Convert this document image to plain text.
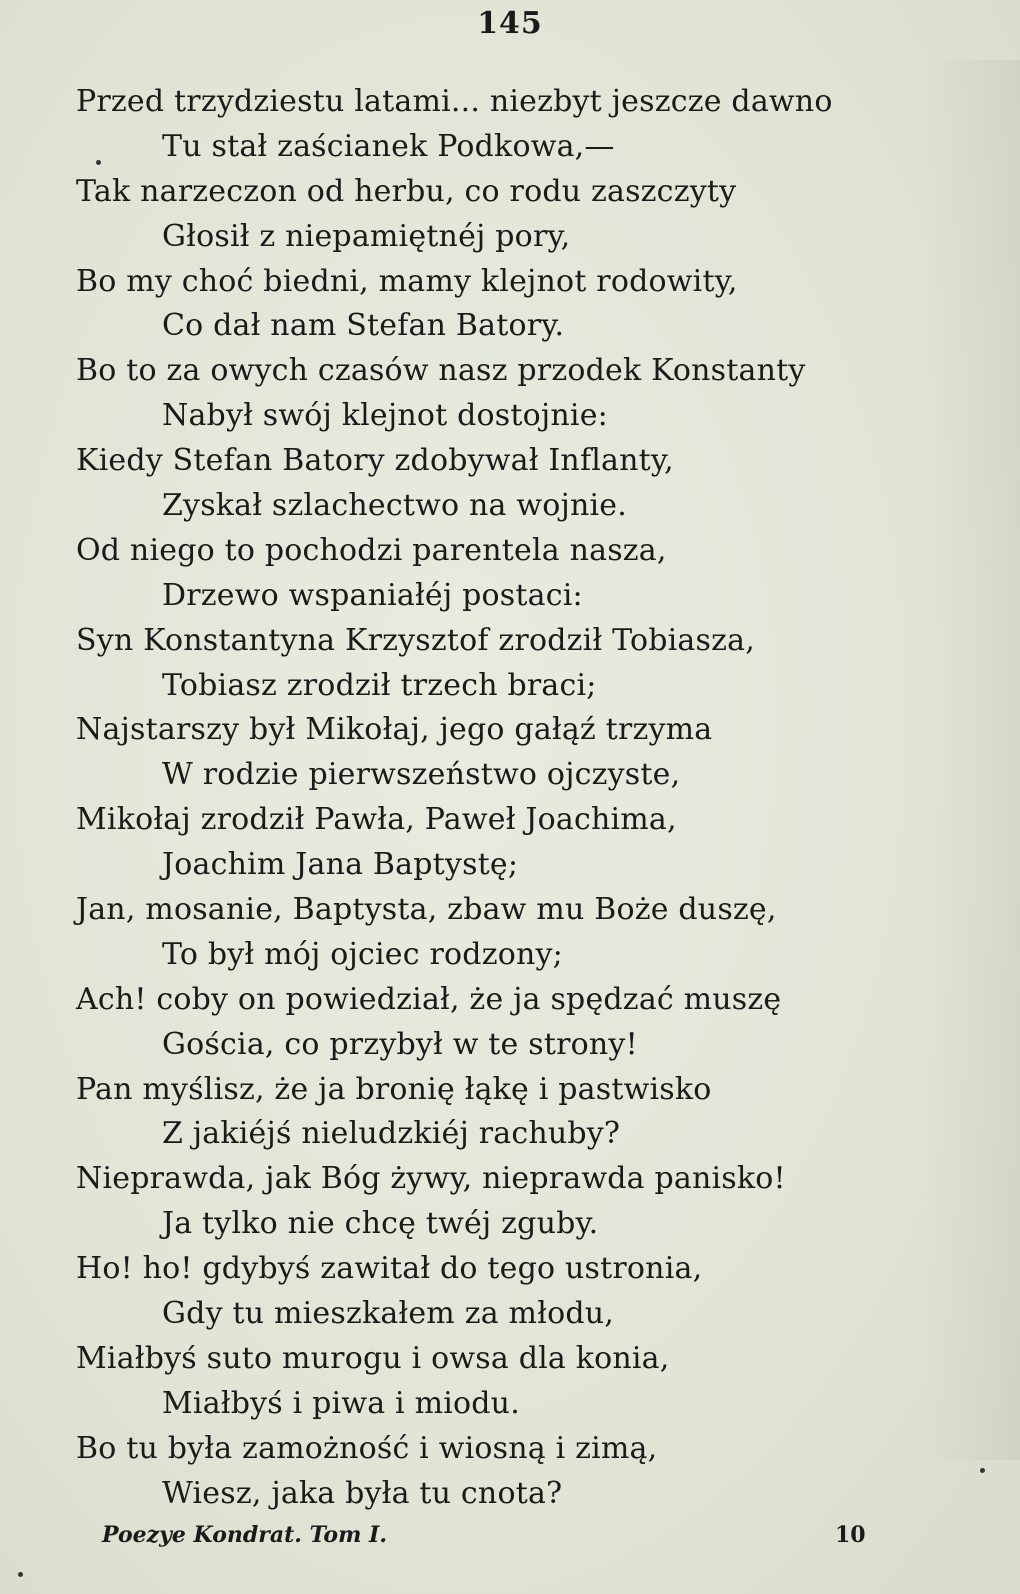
145
Przed trzydziestu latami... niezbyt jeszcze dawno
Tu stał zaścianek Podkowa,—
Tak narzeczon od herbu, co rodu zaszczyty
Głosił z niepamiętnéj pory,
Bo my choć biedni, mamy klejnot rodowity,
Co dał nam Stefan Batory.
Bo to za owych czasów nasz przodek Konstanty
Nabył swój klejnot dostojnie:
Kiedy Stefan Batory zdobywał Inflanty,
Zyskał szlachectwo na wojnie.
Od niego to pochodzi parentela nasza,
Drzewo wspaniałéj postaci:
Syn Konstantyna Krzysztof zrodził Tobiasza,
Tobiasz zrodził trzech braci;
Najstarszy był Mikołaj, jego gałąź trzyma
W rodzie pierwszeństwo ojczyste,
Mikołaj zrodził Pawła, Paweł Joachima,
Joachim Jana Baptystę;
Jan, mosanie, Baptysta, zbaw mu Boże duszę,
To był mój ojciec rodzony;
Ach! coby on powiedział, że ja spędzać muszę
Gościa, co przybył w te strony!
Pan myślisz, że ja bronię łąkę i pastwisko
Z jakiéjś nieludzkiéj rachuby?
Nieprawda, jak Bóg żywy, nieprawda panisko!
Ja tylko nie chcę twéj zguby.
Ho! ho! gdybyś zawitał do tego ustronia,
Gdy tu mieszkałem za młodu,
Miałbyś suto murogu i owsa dla konia,
Miałbyś i piwa i miodu.
Bo tu była zamożność i wiosną i zimą,
Wiesz, jaka była tu cnota?
Poezye Kondrat. Tom I.	10
